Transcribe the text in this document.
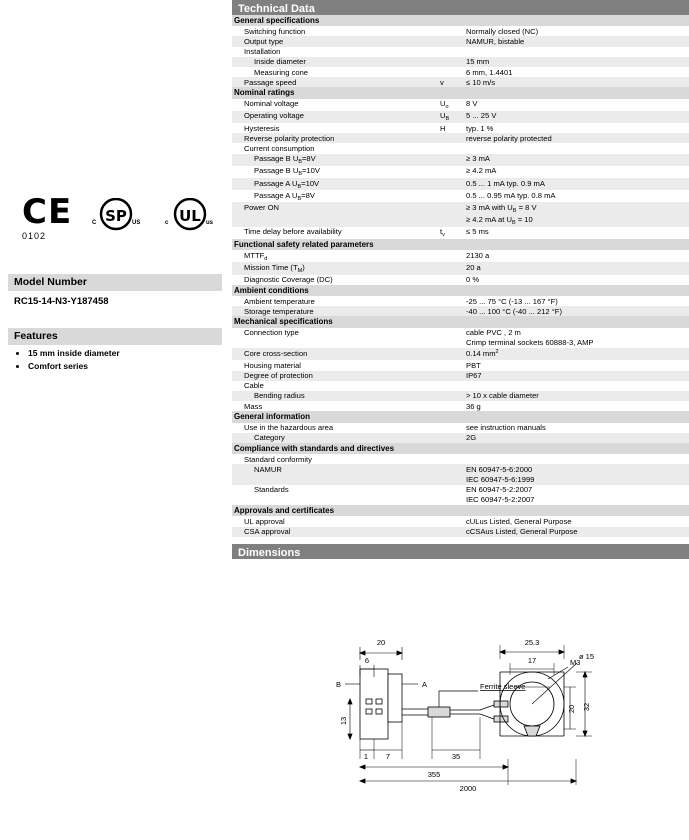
CE
0102
SP
C	US	UL
c	us
Model Number
RC15-14-N3-Y187458
Features
• 15 mm inside diameter
• Comfort series
Technical Data
General specifications		
Switching function		Normally closed (NC)
Output type		NAMUR, bistable
Installation		
Inside diameter		15 mm
Measuring cone		6 mm, 1.4401
Passage speed	v	≤ 10 m/s
Nominal ratings		
Nominal voltage	$U_o$	8 V
Operating voltage	$U_B$	5 ... 25 V
Hysteresis	H	typ. 1 %
Reverse polarity protection		reverse polarity protected
Current consumption		
Passage B $U_B=8V$		≥ 3 mA
Passage B $U_B=10V$		≥ 4.2 mA
Passage A $U_B=10V$		0.5 ... 1 mA typ. 0.9 mA
Passage A $U_B=8V$		0.5 ... 0.95 mA typ. 0.8 mA
Power ON		≥ 3 mA with $U_B = 8$ V
		≥ 4.2 mA at $U_B = 10$
Time delay before availability	$t_v$	≤ 5 ms
Functional safety related parameters		
$MTTF_d$		2130 a
Mission Time $(T_M)$		20 a
Diagnostic Coverage (DC)		0 %
Ambient conditions		
Ambient temperature		-25 ... 75 °C (-13 ... 167 °F)
Storage temperature		-40 ... 100 °C (-40 ... 212 °F)
Mechanical specifications		
Connection type		cable PVC , 2 m
		Crimp terminal sockets 60888-3, AMP
Core cross-section		0.14 $mm^2$
Housing material		PBT
Degree of protection		IP67
Cable		
Bending radius		> 10 x cable diameter
Mass		36 g
General information		
Use in the hazardous area		see instruction manuals
Category		2G
Compliance with standards and directives		
Standard conformity		
NAMUR		EN 60947-5-6:2000
		IEC 60947-5-6:1999
Standards		EN 60947-5-2:2007
		IEC 60947-5-2:2007
Approvals and certificates		
UL approval		cULus Listed, General Purpose
CSA approval		cCSAus Listed, General Purpose
Dimensions
20
6
13
1 7	35
355
2000
A
B	Ferrite sleeve
25.3
17	ø 15
M3
32
20
